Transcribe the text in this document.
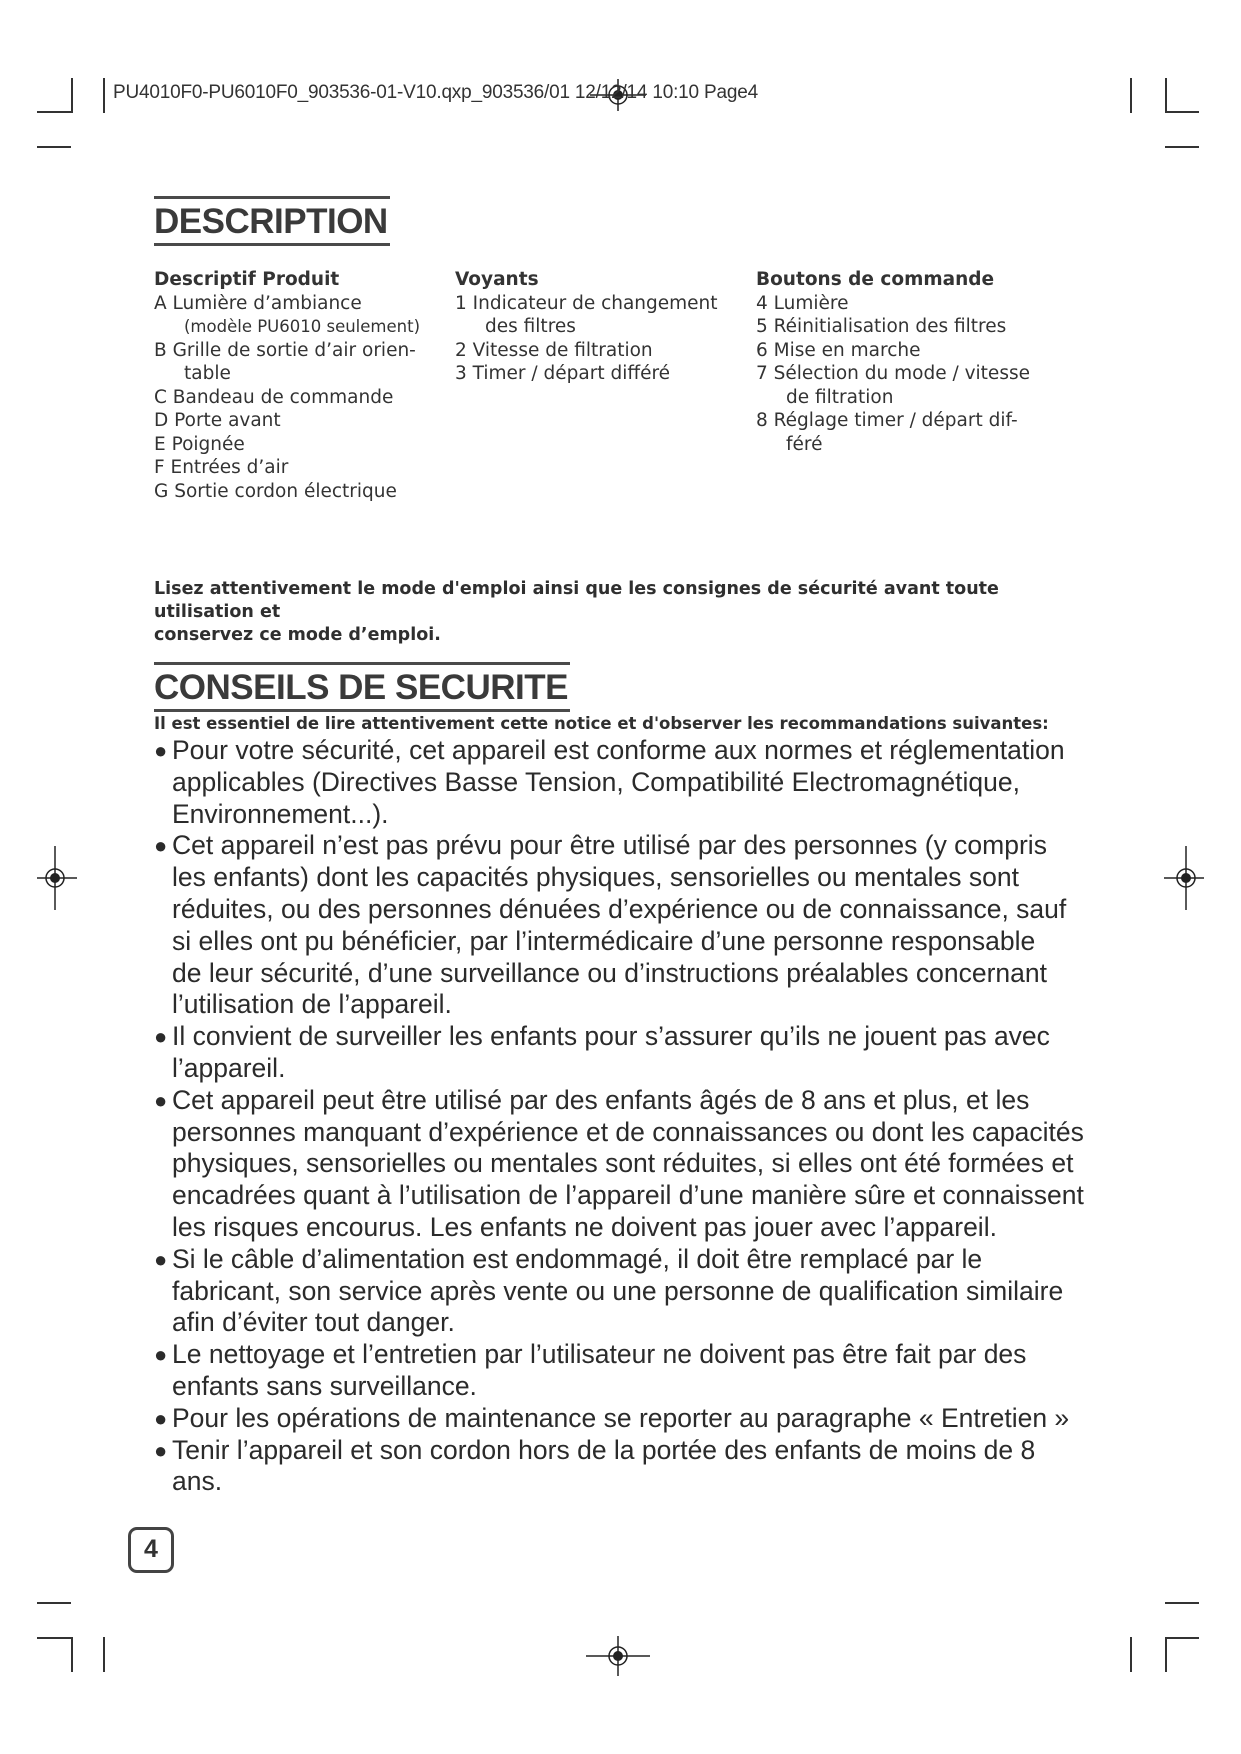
PU4010F0-PU6010F0_903536-01-V10.qxp_903536/01 12/12/14 10:10 Page4
DESCRIPTION
Descriptif Produit
A Lumière d’ambiance
(modèle PU6010 seulement)
B Grille de sortie d’air orien-
table
C Bandeau de commande
D Porte avant
E Poignée
F Entrées d’air
G Sortie cordon électrique
Voyants
1 Indicateur de changement
des filtres
2 Vitesse de filtration
3 Timer / départ différé
Boutons de commande
4 Lumière
5 Réinitialisation des filtres
6 Mise en marche
7 Sélection du mode / vitesse
de filtration
8 Réglage timer / départ dif-
féré
Lisez attentivement le mode d'emploi ainsi que les consignes de sécurité avant toute utilisation et
conservez ce mode d’emploi.
CONSEILS DE SECURITE
Il est essentiel de lire attentivement cette notice et d'observer les recommandations suivantes:
● Pour votre sécurité, cet appareil est conforme aux normes et réglementation
applicables (Directives Basse Tension, Compatibilité Electromagnétique,
Environnement...).
● Cet appareil n’est pas prévu pour être utilisé par des personnes (y compris
les enfants) dont les capacités physiques, sensorielles ou mentales sont
réduites, ou des personnes dénuées d’expérience ou de connaissance, sauf
si elles ont pu bénéficier, par l’intermédicaire d’une personne responsable
de leur sécurité, d’une surveillance ou d’instructions préalables concernant
l’utilisation de l’appareil.
● Il convient de surveiller les enfants pour s’assurer qu’ils ne jouent pas avec
l’appareil.
● Cet appareil peut être utilisé par des enfants âgés de 8 ans et plus, et les
personnes manquant d’expérience et de connaissances ou dont les capacités
physiques, sensorielles ou mentales sont réduites, si elles ont été formées et
encadrées quant à l’utilisation de l’appareil d’une manière sûre et connaissent
les risques encourus. Les enfants ne doivent pas jouer avec l’appareil.
● Si le câble d’alimentation est endommagé, il doit être remplacé par le
fabricant, son service après vente ou une personne de qualification similaire
afin d’éviter tout danger.
● Le nettoyage et l’entretien par l’utilisateur ne doivent pas être fait par des
enfants sans surveillance.
● Pour les opérations de maintenance se reporter au paragraphe « Entretien »
● Tenir l’appareil et son cordon hors de la portée des enfants de moins de 8
ans.
4
